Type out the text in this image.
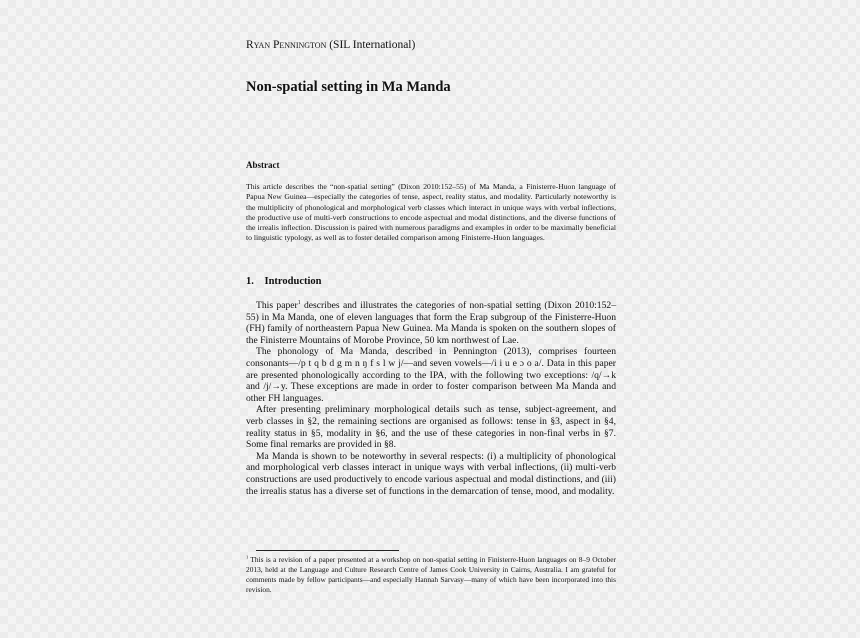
Ryan Pennington (SIL International)
Non-spatial setting in Ma Manda
Abstract
This article describes the “non-spatial setting” (Dixon 2010:152–55) of Ma Manda, a Finisterre-Huon language of Papua New Guinea—especially the categories of tense, aspect, reality status, and modality. Particularly noteworthy is the multiplicity of phonological and morphological verb classes which interact in unique ways with verbal inflections, the productive use of multi-verb constructions to encode aspectual and modal distinctions, and the diverse functions of the irrealis inflection. Discussion is paired with numerous paradigms and examples in order to be maximally beneficial to linguistic typology, as well as to foster detailed comparison among Finisterre-Huon languages.
1. Introduction

This paper$^1$ describes and illustrates the categories of non-spatial setting (Dixon 2010:152–55) in Ma Manda, one of eleven languages that form the Erap subgroup of the Finisterre-Huon (FH) family of northeastern Papua New Guinea. Ma Manda is spoken on the southern slopes of the Finisterre Mountains of Morobe Province, 50 km northwest of Lae.

The phonology of Ma Manda, described in Pennington (2013), comprises fourteen consonants—/p t q b d g m n ŋ f s l w j/—and seven vowels—/i i u e ɔ o a/. Data in this paper are presented phonologically according to the IPA, with the following two exceptions: /q/→k and /j/→y. These exceptions are made in order to foster comparison between Ma Manda and other FH languages.

After presenting preliminary morphological details such as tense, subject-agreement, and verb classes in §2, the remaining sections are organised as follows: tense in §3, aspect in §4, reality status in §5, modality in §6, and the use of these categories in non-final verbs in §7. Some final remarks are provided in §8.

Ma Manda is shown to be noteworthy in several respects: (i) a multiplicity of phonological and morphological verb classes interact in unique ways with verbal inflections, (ii) multi-verb constructions are used productively to encode various aspectual and modal distinctions, and (iii) the irrealis status has a diverse set of functions in the demarcation of tense, mood, and modality.

$^1$ This is a revision of a paper presented at a workshop on non-spatial setting in Finisterre-Huon languages on 8–9 October 2013, held at the Language and Culture Research Centre of James Cook University in Cairns, Australia. I am grateful for comments made by fellow participants—and especially Hannah Sarvasy—many of which have been incorporated into this revision.
